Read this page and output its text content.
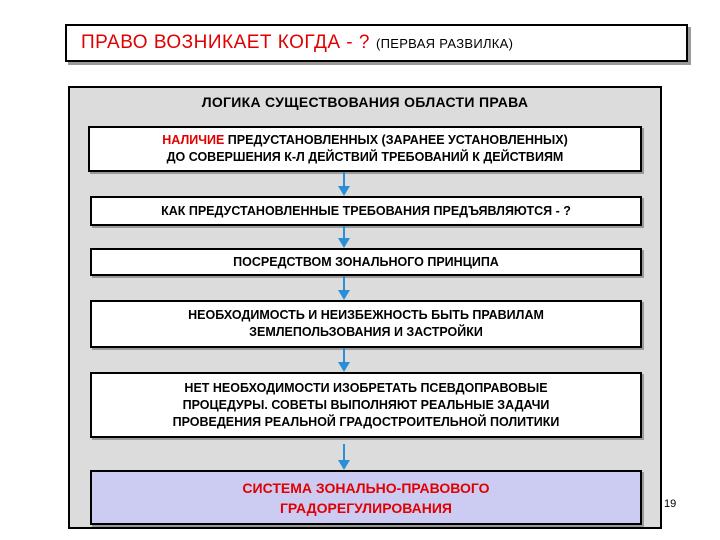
ПРАВО ВОЗНИКАЕТ КОГДА - ? (ПЕРВАЯ РАЗВИЛКА)
ЛОГИКА СУЩЕСТВОВАНИЯ ОБЛАСТИ ПРАВА
НАЛИЧИЕ ПРЕДУСТАНОВЛЕННЫХ (ЗАРАНЕЕ УСТАНОВЛЕННЫХ)
ДО СОВЕРШЕНИЯ К-Л ДЕЙСТВИЙ ТРЕБОВАНИЙ К ДЕЙСТВИЯМ
КАК ПРЕДУСТАНОВЛЕННЫЕ ТРЕБОВАНИЯ ПРЕДЪЯВЛЯЮТСЯ - ?
ПОСРЕДСТВОМ ЗОНАЛЬНОГО ПРИНЦИПА
НЕОБХОДИМОСТЬ И НЕИЗБЕЖНОСТЬ БЫТЬ ПРАВИЛАМ
ЗЕМЛЕПОЛЬЗОВАНИЯ И ЗАСТРОЙКИ
НЕТ НЕОБХОДИМОСТИ ИЗОБРЕТАТЬ ПСЕВДОПРАВОВЫЕ
ПРОЦЕДУРЫ. СОВЕТЫ ВЫПОЛНЯЮТ РЕАЛЬНЫЕ ЗАДАЧИ
ПРОВЕДЕНИЯ РЕАЛЬНОЙ ГРАДОСТРОИТЕЛЬНОЙ ПОЛИТИКИ
СИСТЕМА ЗОНАЛЬНО-ПРАВОВОГО
ГРАДОРЕГУЛИРОВАНИЯ	19
